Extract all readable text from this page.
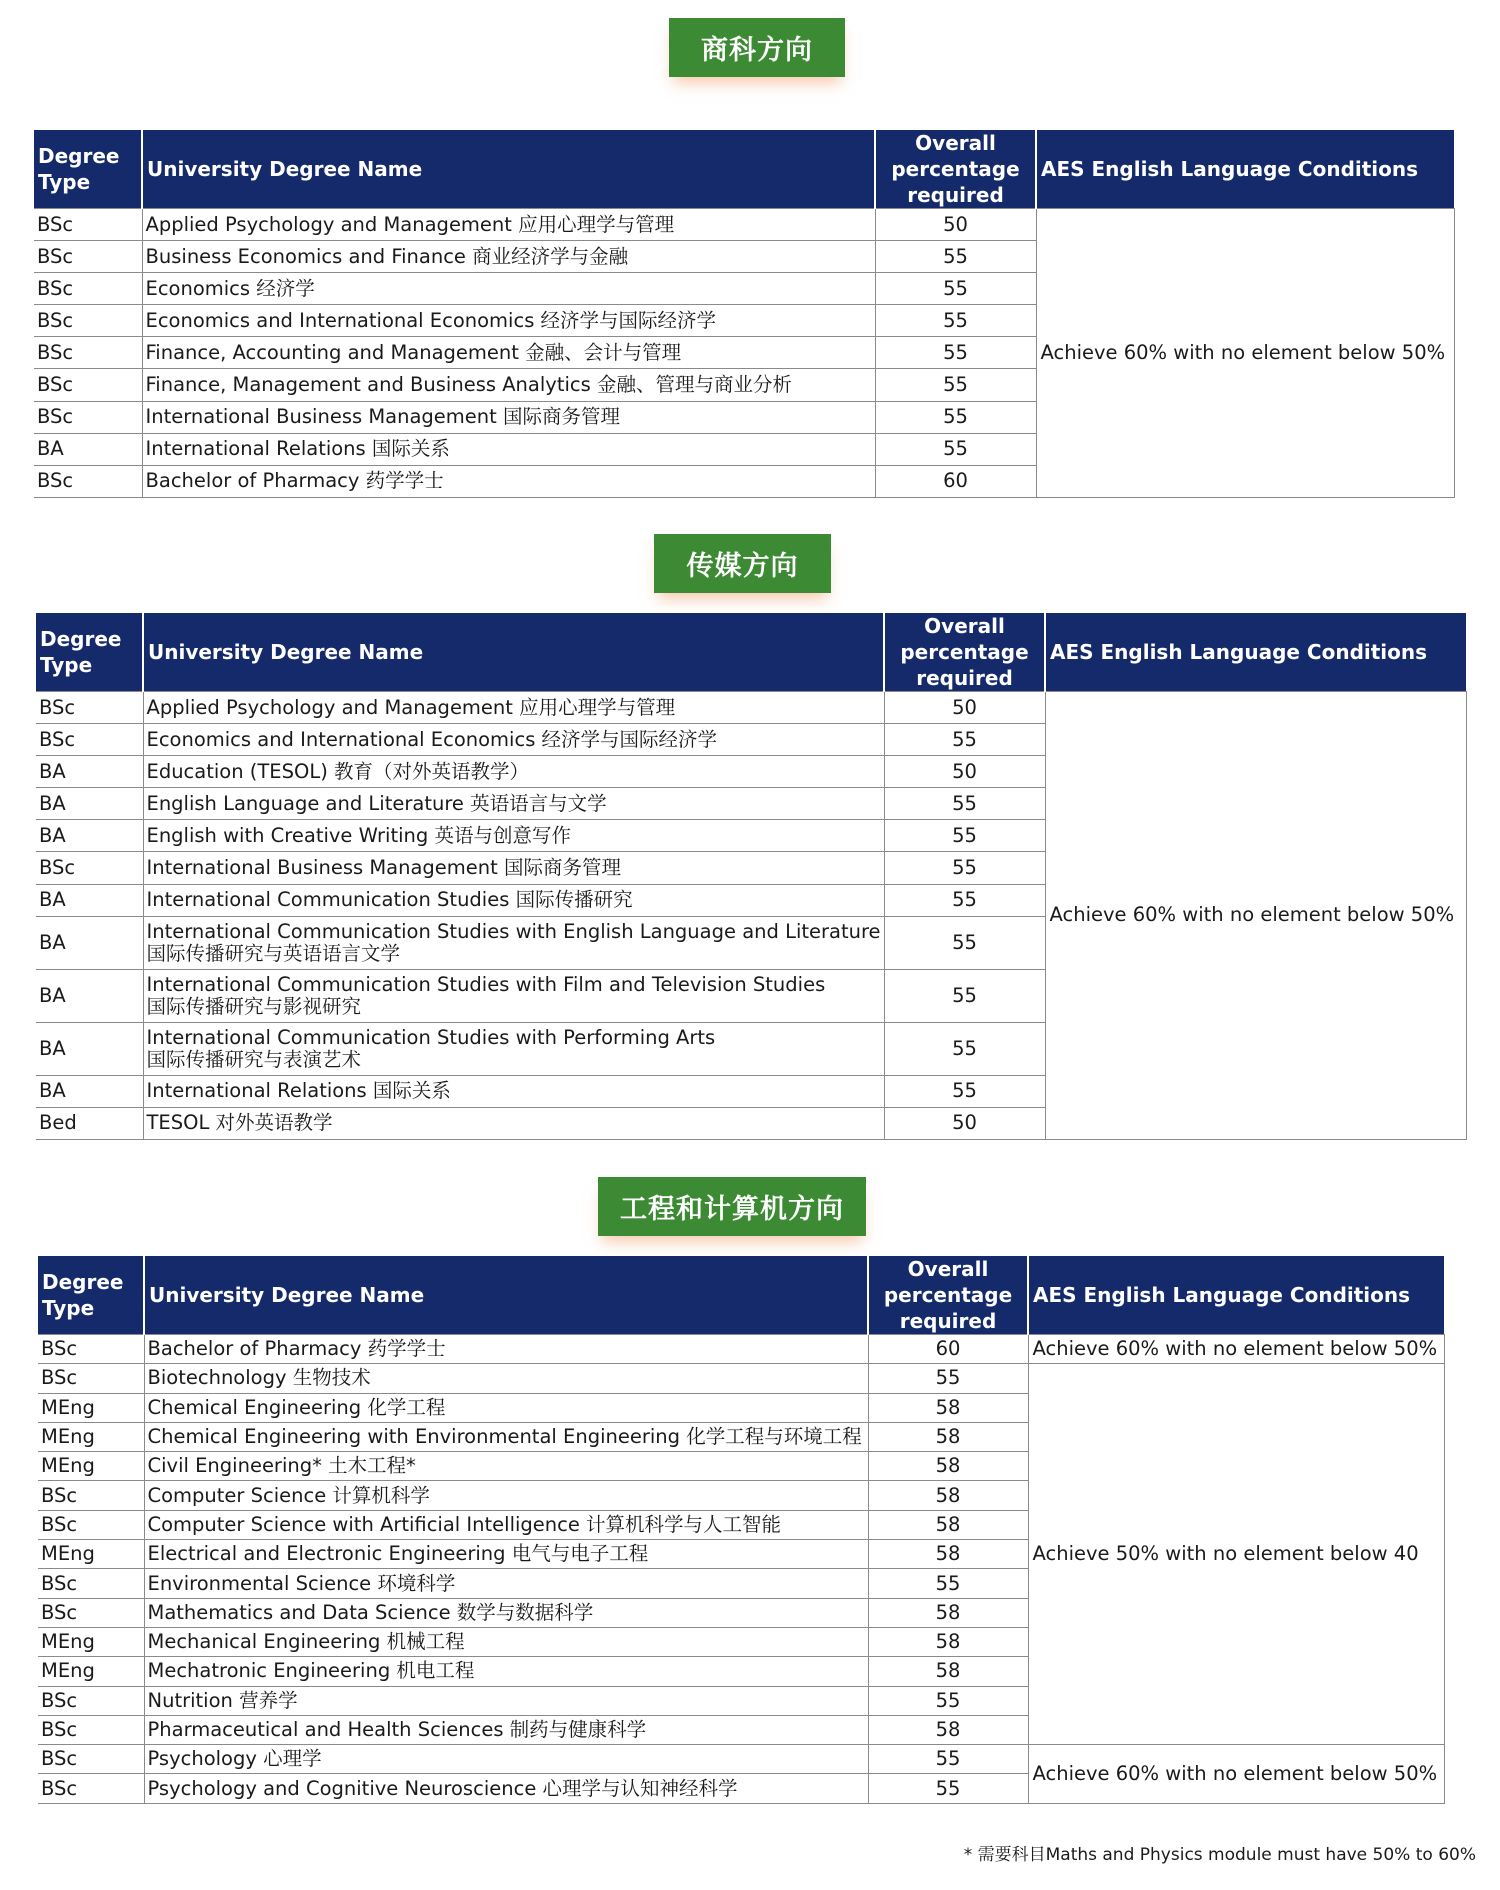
商科方向
Degree Type	University Degree Name	Overall percentage required	AES English Language Conditions
BSc	Applied Psychology and Management 应用心理学与管理	50	Achieve 60% with no element below 50%
BSc	Business Economics and Finance 商业经济学与金融	55	
BSc	Economics 经济学	55	
BSc	Economics and International Economics 经济学与国际经济学	55	
BSc	Finance, Accounting and Management 金融、会计与管理	55	
BSc	Finance, Management and Business Analytics 金融、管理与商业分析	55	
BSc	International Business Management 国际商务管理	55	
BA	International Relations 国际关系	55	
BSc	Bachelor of Pharmacy 药学学士	60	
传媒方向
Degree Type	University Degree Name	Overall percentage required	AES English Language Conditions
BSc	Applied Psychology and Management 应用心理学与管理	50	Achieve 60% with no element below 50%
BSc	Economics and International Economics 经济学与国际经济学	55	
BA	Education (TESOL) 教育（对外英语教学）	50	
BA	English Language and Literature 英语语言与文学	55	
BA	English with Creative Writing 英语与创意写作	55	
BSc	International Business Management 国际商务管理	55	
BA	International Communication Studies 国际传播研究	55	
BA	International Communication Studies with English Language and Literature
国际传播研究与英语语言文学	55	
BA	International Communication Studies with Film and Television Studies
国际传播研究与影视研究	55	
BA	International Communication Studies with Performing Arts
国际传播研究与表演艺术	55	
BA	International Relations 国际关系	55	
Bed	TESOL 对外英语教学	50	
工程和计算机方向
Degree Type	University Degree Name	Overall percentage required	AES English Language Conditions
BSc	Bachelor of Pharmacy 药学学士	60	Achieve 60% with no element below 50%
BSc	Biotechnology 生物技术	55	Achieve 50% with no element below 40
MEng	Chemical Engineering 化学工程	58	
MEng	Chemical Engineering with Environmental Engineering 化学工程与环境工程	58	
MEng	Civil Engineering* 土木工程*	58	
BSc	Computer Science 计算机科学	58	
BSc	Computer Science with Artificial Intelligence 计算机科学与人工智能	58	
MEng	Electrical and Electronic Engineering 电气与电子工程	58	
BSc	Environmental Science 环境科学	55	
BSc	Mathematics and Data Science 数学与数据科学	58	
MEng	Mechanical Engineering 机械工程	58	
MEng	Mechatronic Engineering 机电工程	58	
BSc	Nutrition 营养学	55	
BSc	Pharmaceutical and Health Sciences 制药与健康科学	58	
BSc	Psychology 心理学	55	Achieve 60% with no element below 50%
BSc	Psychology and Cognitive Neuroscience 心理学与认知神经科学	55	
* 需要科目Maths and Physics module must have 50% to 60%
